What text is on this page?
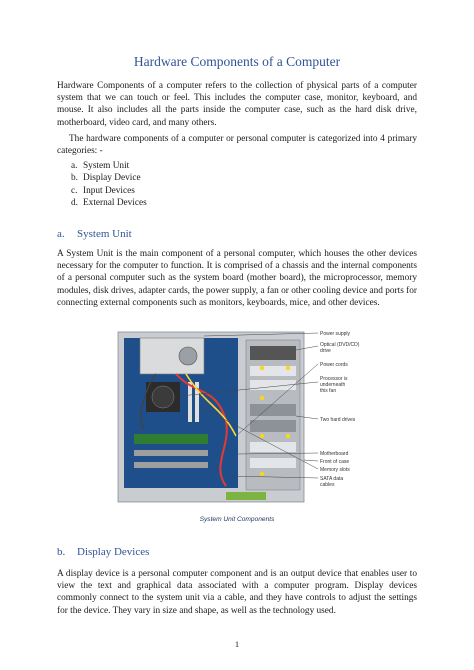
Hardware Components of a Computer

Hardware Components of a computer refers to the collection of physical parts of a computer system that we can touch or feel. This includes the computer case, monitor, keyboard, and mouse. It also includes all the parts inside the computer case, such as the hard disk drive, motherboard, video card, and many others.

The hardware components of a computer or personal computer is categorized into 4 primary categories: -

a. System Unit
b. Display Device
c. Input Devices
d. External Devices
a. System Unit

A System Unit is the main component of a personal computer, which houses the other devices necessary for the computer to function. It is comprised of a chassis and the internal components of a personal computer such as the system board (mother board), the microprocessor, memory modules, disk drives, adapter cards, the power supply, a fan or other cooling device and ports for connecting external components such as monitors, keyboards, mice, and other devices.

Power supply
Optical (DVD/CD)
drive
Power cords
Processor is
underneath
this fan
Two hard drives
Motherboard
Front of case
Memory slots
SATA data
cables
System Unit Components
b. Display Devices

A display device is a personal computer component and is an output device that enables user to view the text and graphical data associated with a computer program. Display devices commonly connect to the system unit via a cable, and they have controls to adjust the settings for the device. They vary in size and shape, as well as the technology used.

1
